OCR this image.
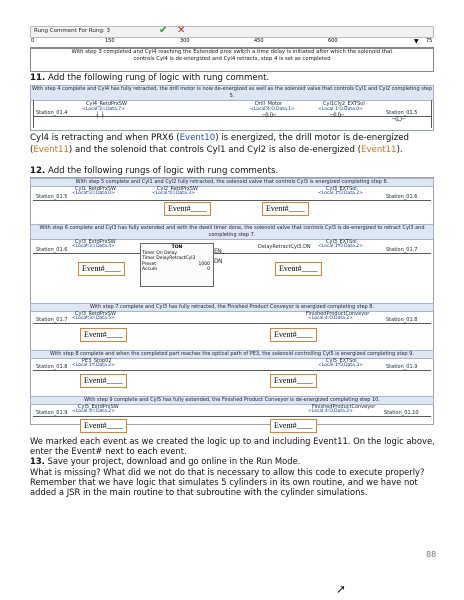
Rung Comment For Rung: 3	✔ ✕
0	150	300	450	600	▼ 75
With step 3 completed and Cyl4 reaching the Extended prox switch a time delay is initiated after which the solenoid that
controls Cyl4 is de-energized and Cyl4 retracts, step 4 is set as completed
11. Add the following rung of logic with rung comment.
With step 4 complete and Cyl4 has fully retracted, the drill motor is now de-energized as well as the solenoid valve that controls Cyl1 and Cyl2 completing step 5.
Station_01.4
Cyl4_RetdPrxSW
<Local:3:I.Data.7>
┤ ├
Drill_Motor
<Local:4:O.Data.1>
─(U)─
Cyl1Cly2_EXTSol
<Local:1:O.Data.0>
─(U)─	Station_01.5
─(L)─
Cyl4 is retracting and when PRX6 (Event10) is energized, the drill motor is de-energized (Event11) and the solenoid that controls Cyl1 and Cyl2 is also de-energized (Event11).
12. Add the following rungs of logic with rung comments.
With step 5 complete and Cyl1 and Cyl2 fully retracted, the solenoid valve that controls Cyl3 is energized completing step 6.
Station_01.5
Cyl1_RetdPrxSW
<Local:3:I.Data.0>
Cyl2_RetdPrxSW
<Local:3:I.Data.3>
Cyl3_EXTSol
<Local:1:O.Data.2>
Station_01.6
Event#____	Event#____
With step 6 complete and Cyl3 has fully extended and with the dwell timer done, the solenoid valve that controls Cyl3 is de-energized to retract Cyl3 and completing step 7.
Station_01.6
Cyl3_ExtdPrxSW
<Local:3:I.Data.4>	TON
Timer On Delay
Timer DelayRetractCyl3
Preset	1000
Accum	0
EN
DN
DelayRetractCyl3.DN
Cyl3_EXTSol
<Local:1:O.Data.2>
Station_01.7
Event#____	Event#____
With step 7 complete and Cyl3 has fully retracted, the Finished Product Conveyor is energized completing step 8.
Station_01.7
Cyl3_RetdPrxSW
<Local:3:I.Data.5>
FinishedProductConveyor
<Local:4:O.Data.2>	Station_01.8
Event#____	Event#____
With step 8 complete and when the completed part reaches the optical path of PE3, the solenoid controlling Cyl5 is energized completing step 9.
Station_01.8
PE3_Stop02
<Local:1:I.Data.2>
Cyl5_EXTSol
<Local:1:O.Data.3>	Station_01.9
Event#____	Event#____
With step 9 complete and Cyl5 has fully extended, the Finished Product Conveyor is de-energized completing step 10.
Station_01.9
Cyl5_ExtdPrxSW
<Local:3:I.Data.2>
FinishedProductConveyor
<Local:4:O.Data.2>	Station_01.10
Event#____	Event#____
We marked each event as we created the logic up to and including Event11. On the logic above, enter the Event# next to each event.
13. Save your project, download and go online in the Run Mode.
What is missing? What did we not do that is necessary to allow this code to execute properly?
Remember that we have logic that simulates 5 cylinders in its own routine, and we have not added a JSR in the main routine to that subroutine with the cylinder simulations.
88
➚
